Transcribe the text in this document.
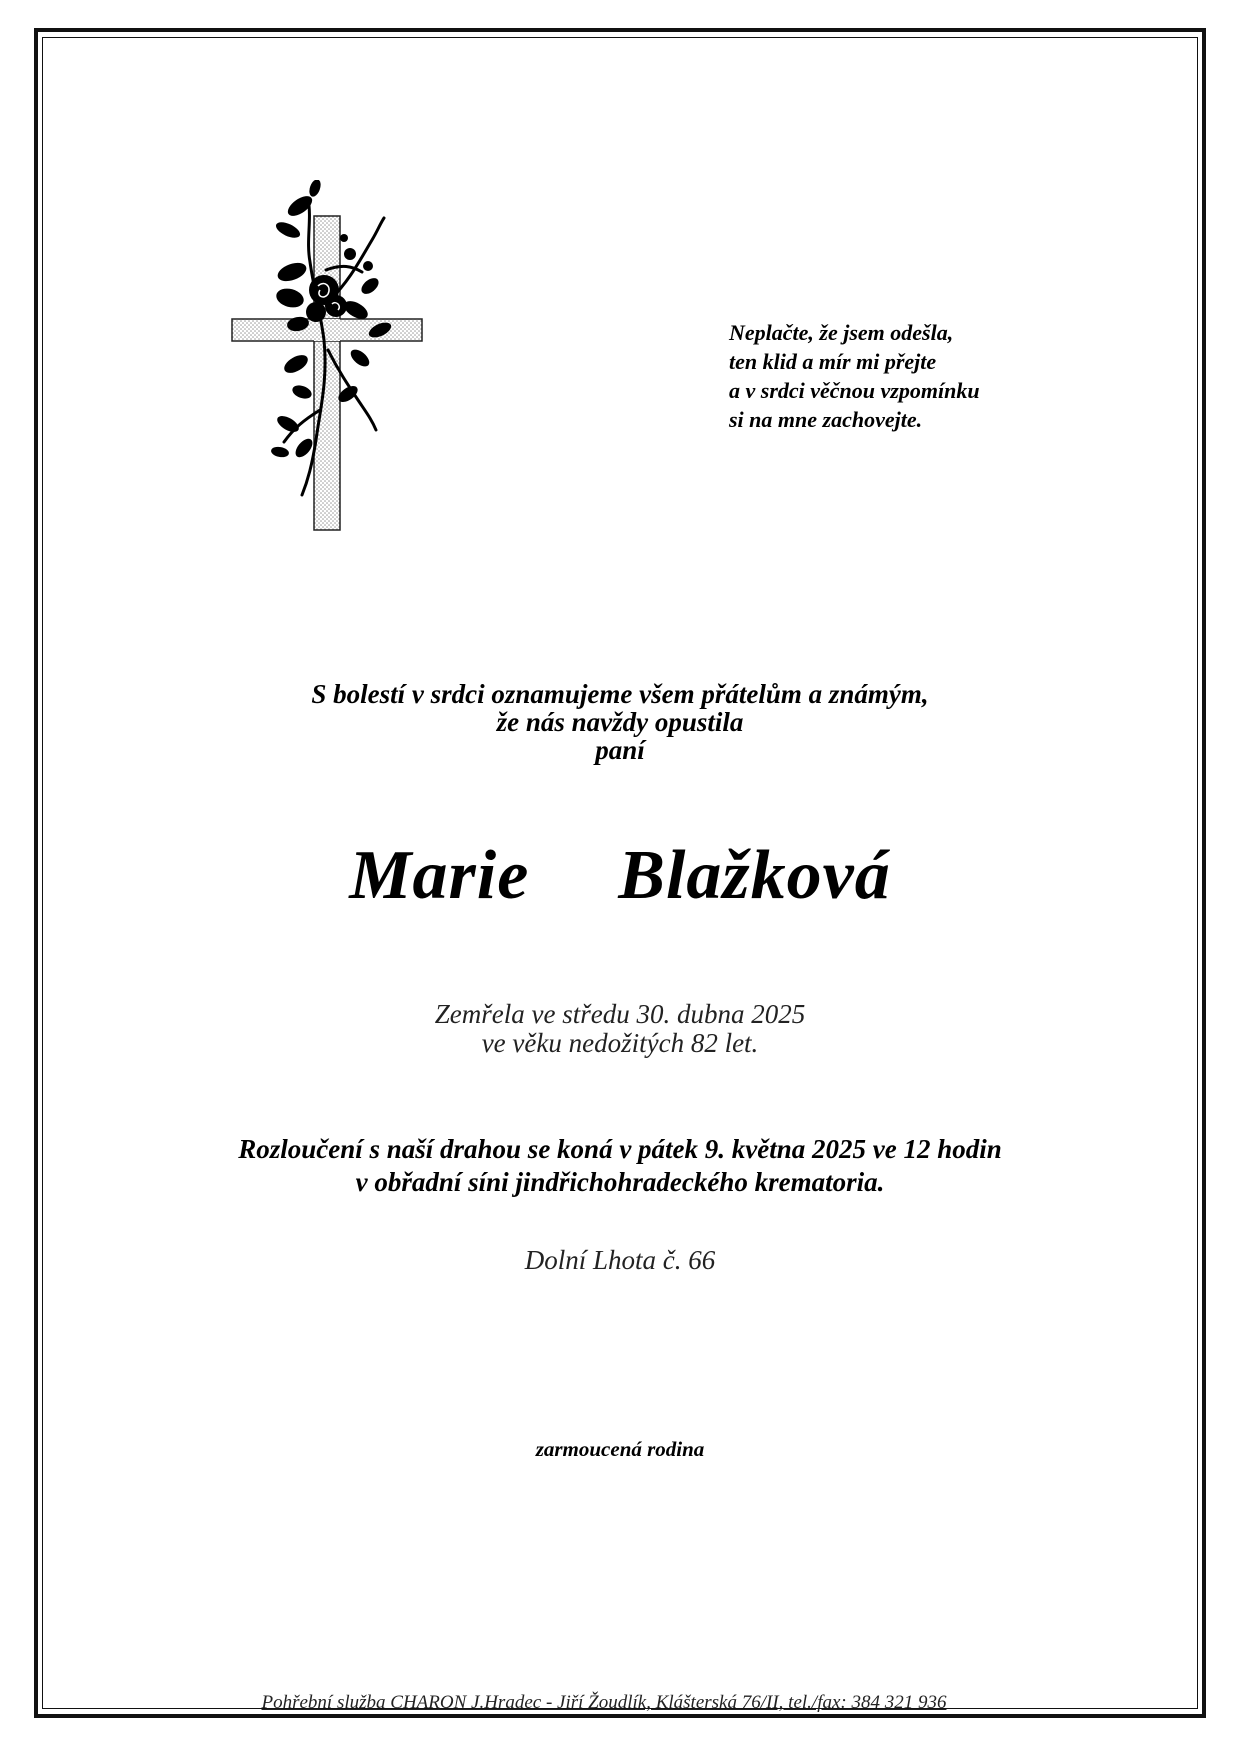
Neplačte, že jsem odešla,
ten klid a mír mi přejte
a v srdci věčnou vzpomínku
si na mne zachovejte.
S bolestí v srdci oznamujeme všem přátelům a známým,
že nás navždy opustila
paní
Marie  Blažková
Zemřela ve středu 30. dubna 2025
ve věku nedožitých 82 let.
Rozloučení s naší drahou se koná v pátek 9. května 2025 ve 12 hodin
v obřadní síni jindřichohradeckého krematoria.
Dolní Lhota č. 66
zarmoucená rodina
Pohřební služba CHARON J.Hradec - Jiří Žoudlík, Klášterská 76/II, tel./fax: 384 321 936
